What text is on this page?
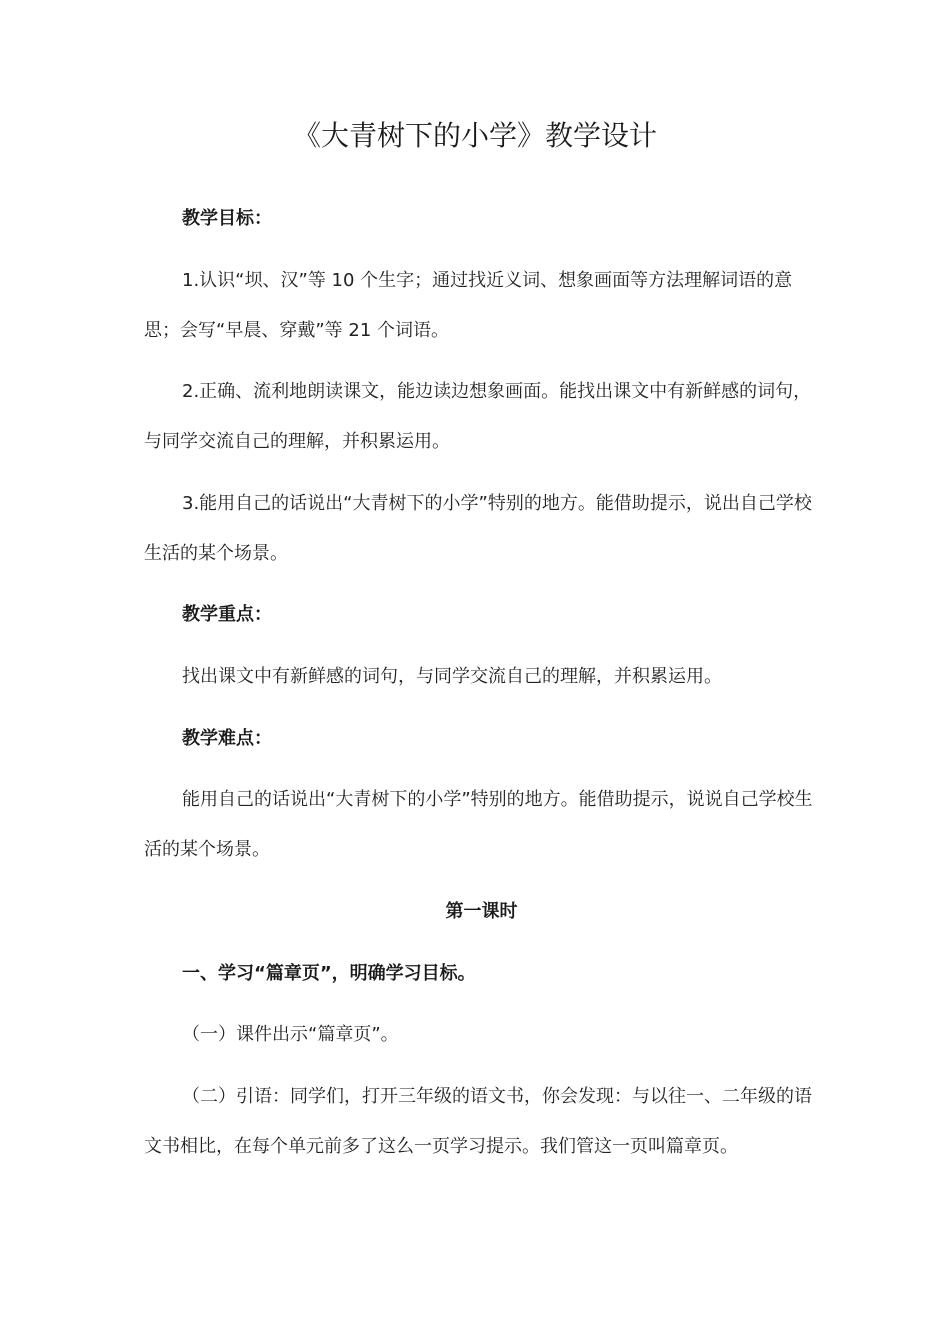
《大青树下的小学》教学设计

教学目标：

1.认识“坝、汉”等 10 个生字；通过找近义词、想象画面等方法理解词语的意思；会写“早晨、穿戴”等 21 个词语。

2.正确、流利地朗读课文，能边读边想象画面。能找出课文中有新鲜感的词句，与同学交流自己的理解，并积累运用。

3.能用自己的话说出“大青树下的小学”特别的地方。能借助提示，说出自己学校生活的某个场景。

教学重点：

找出课文中有新鲜感的词句，与同学交流自己的理解，并积累运用。

教学难点：

能用自己的话说出“大青树下的小学”特别的地方。能借助提示，说说自己学校生活的某个场景。

第一课时

一、学习“篇章页”，明确学习目标。

（一）课件出示“篇章页”。

（二）引语：同学们，打开三年级的语文书，你会发现：与以往一、二年级的语文书相比，在每个单元前多了这么一页学习提示。我们管这一页叫篇章页。
